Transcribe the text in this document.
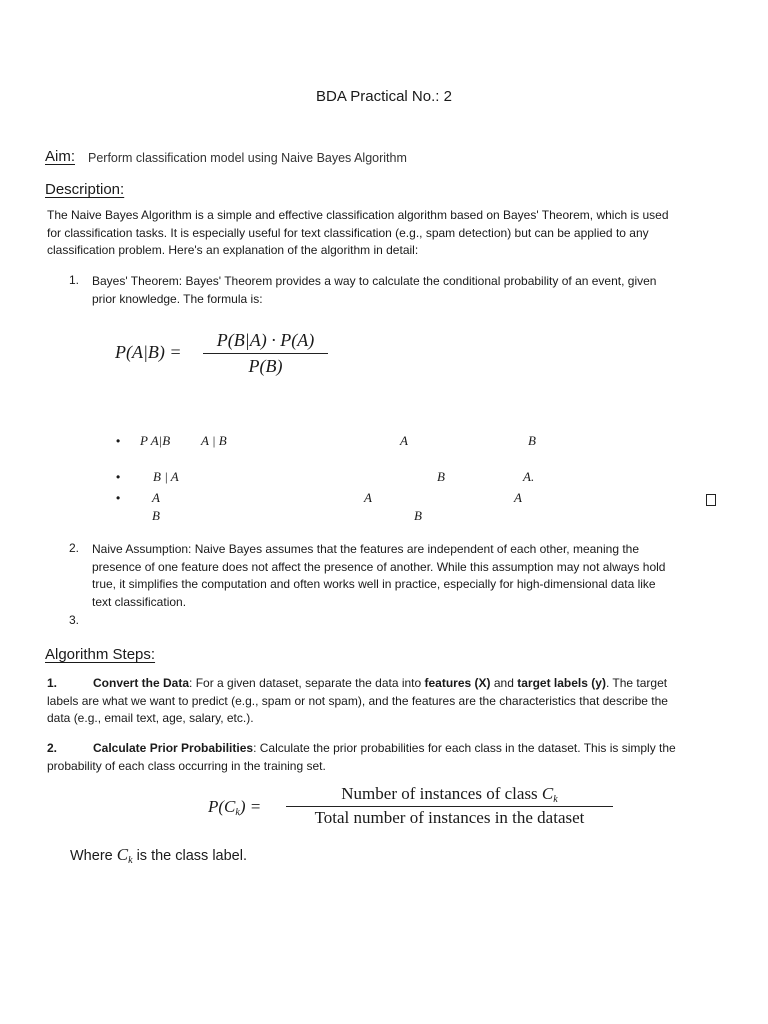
BDA Practical No.: 2
Aim: Perform classification model using Naive Bayes Algorithm
Description:
The Naive Bayes Algorithm is a simple and effective classification algorithm based on Bayes' Theorem, which is used
for classification tasks. It is especially useful for text classification (e.g., spam detection) but can be applied to any
classification problem. Here's an explanation of the algorithm in detail:
1. Bayes' Theorem: Bayes' Theorem provides a way to calculate the conditional probability of an event, given
prior knowledge. The formula is:
P(A|B) =
P(B|A) · P(A)
P(B)
• P A|B A | B	A	B
•	B | A	B	A.
• A	A	A
B	B
2. Naive Assumption: Naive Bayes assumes that the features are independent of each other, meaning the
presence of one feature does not affect the presence of another. While this assumption may not always hold
true, it simplifies the computation and often works well in practice, especially for high-dimensional data like
text classification.
3.
Algorithm Steps:
1.	Convert the Data: For a given dataset, separate the data into features (X) and target labels (y). The target
labels are what we want to predict (e.g., spam or not spam), and the features are the characteristics that describe the
data (e.g., email text, age, salary, etc.).
2.	Calculate Prior Probabilities: Calculate the prior probabilities for each class in the dataset. This is simply the
probability of each class occurring in the training set.
$P(C_k)$ =
Number of instances of class $C_k$
Total number of instances in the dataset
Where $C_k$ is the class label.
